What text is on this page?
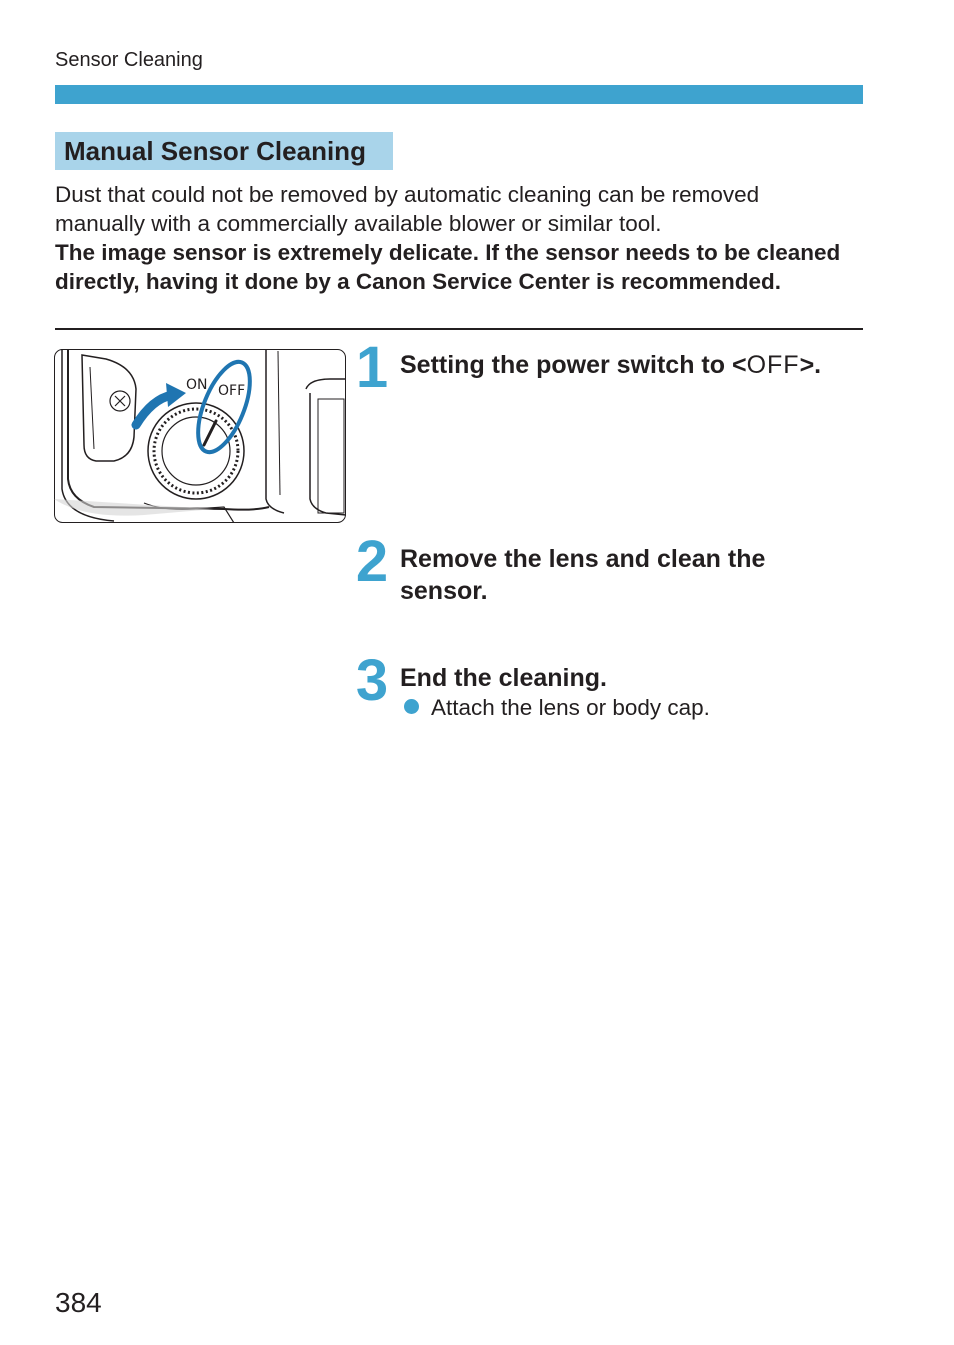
Sensor Cleaning
Manual Sensor Cleaning

Dust that could not be removed by automatic cleaning can be removed manually with a commercially available blower or similar tool.

The image sensor is extremely delicate. If the sensor needs to be cleaned directly, having it done by a Canon Service Center is recommended.

ON OFF 1 Setting the power switch to <OFF>.
2 Remove the lens and clean the sensor.
3 End the cleaning.
Attach the lens or body cap.
384
